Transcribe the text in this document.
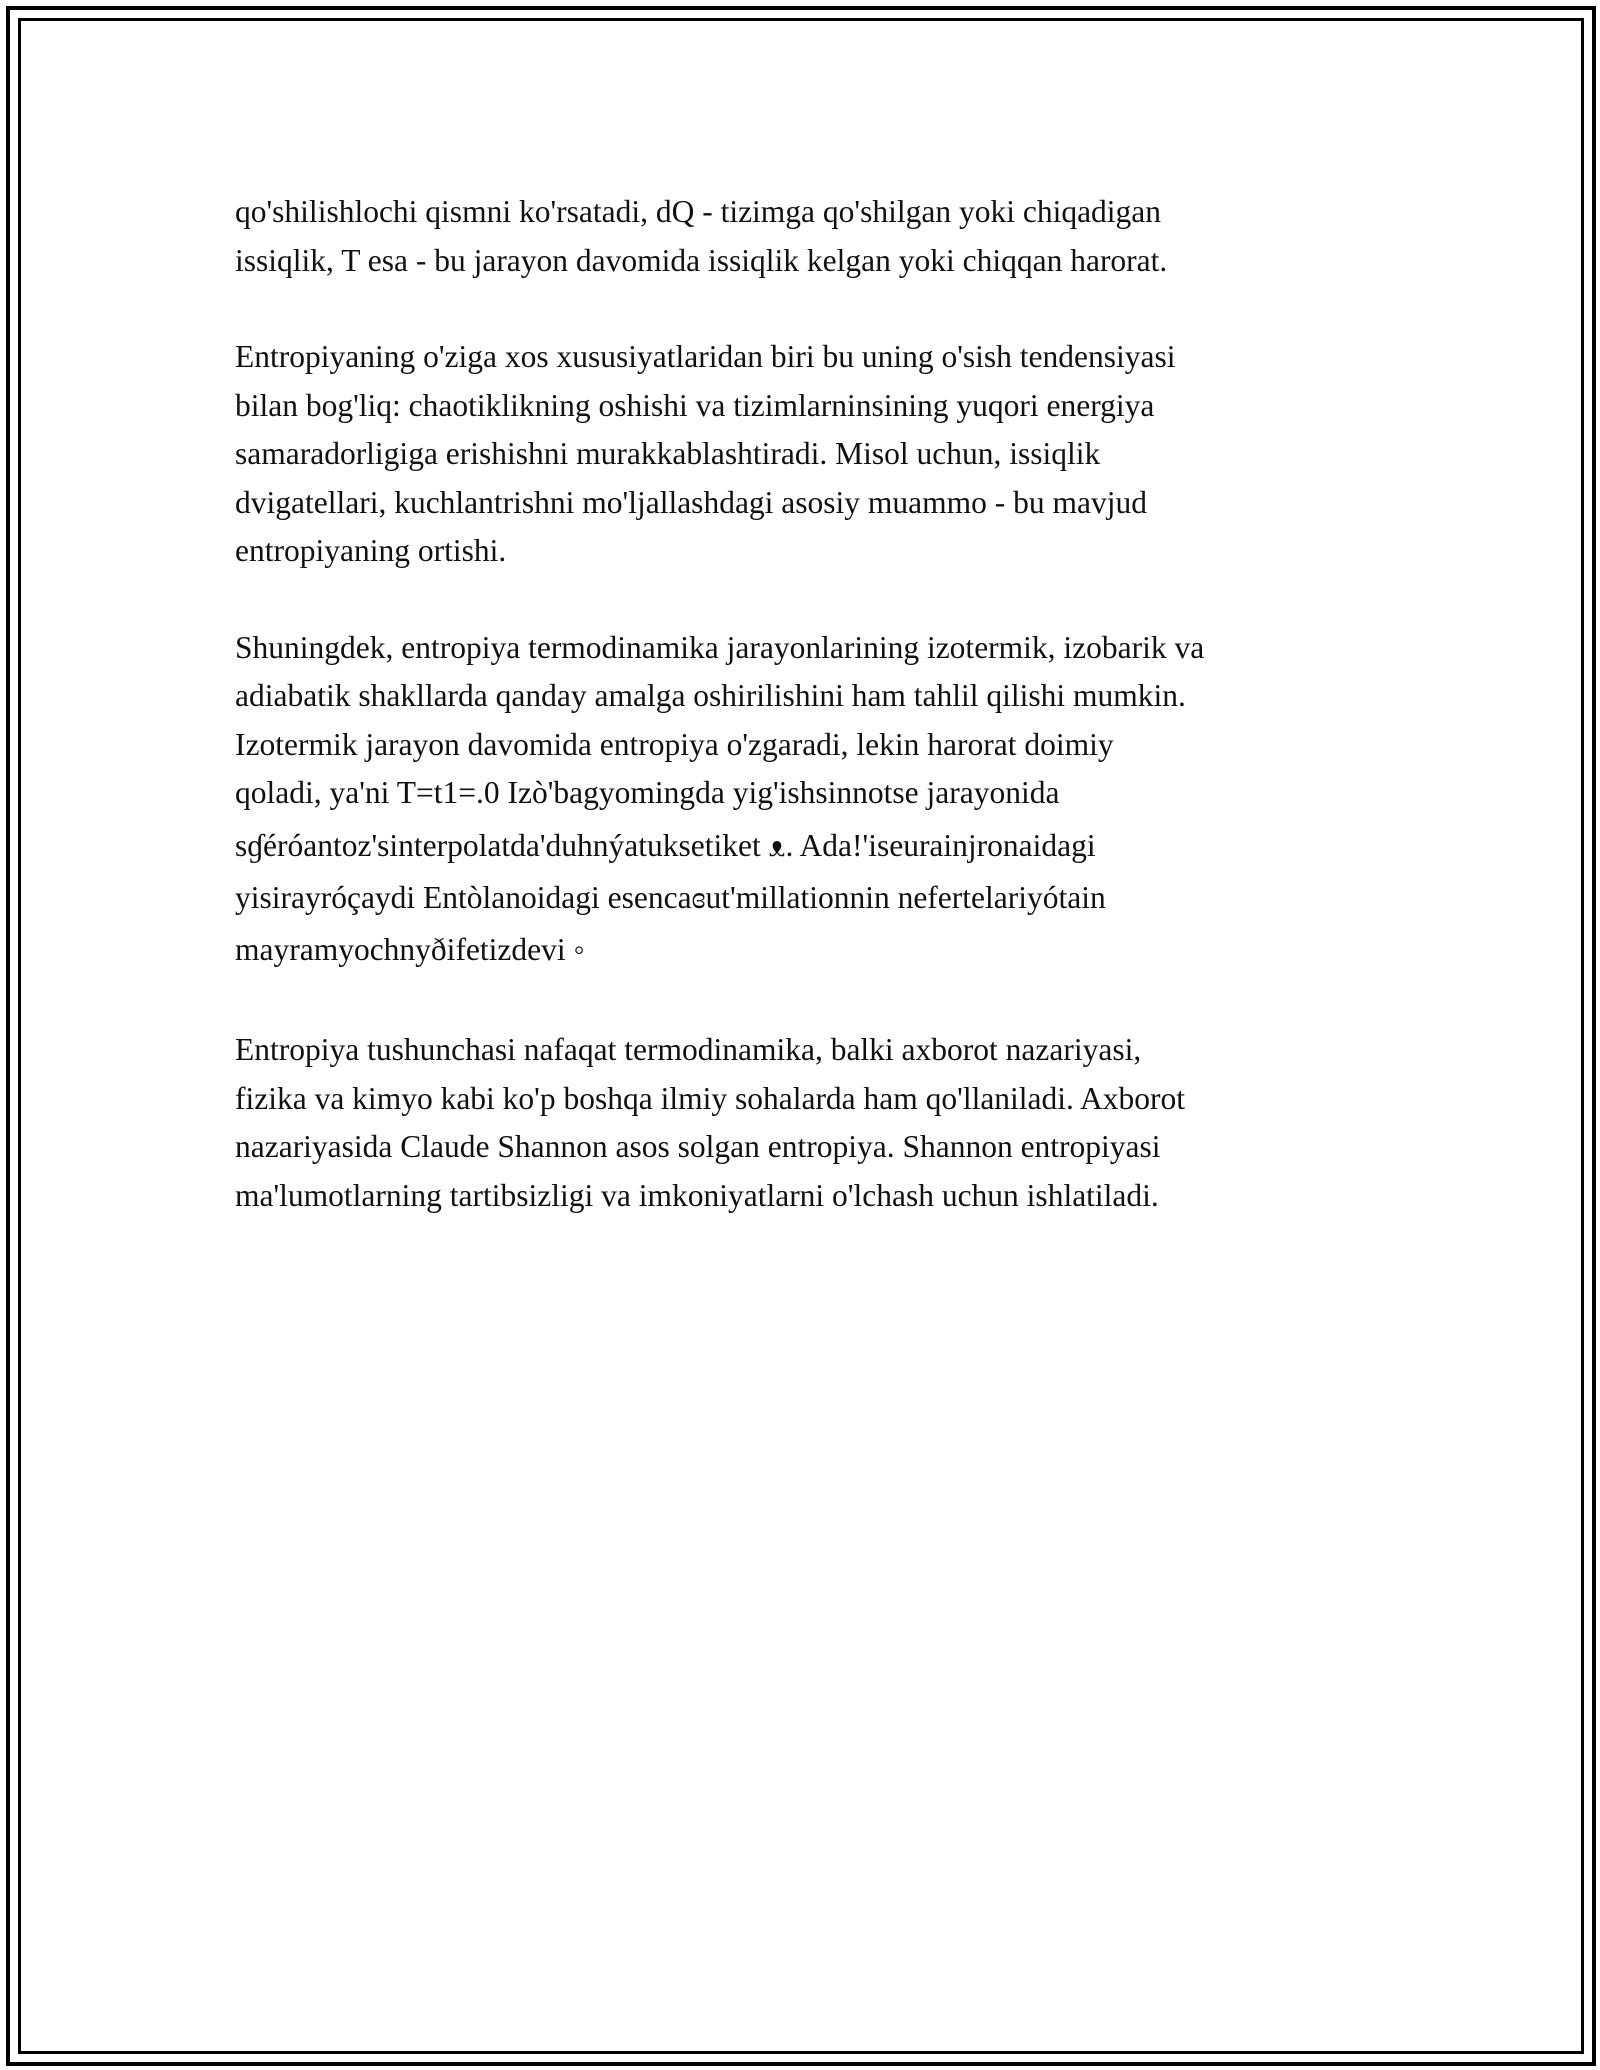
qo'shilishlochi qismni ko'rsatadi, dQ - tizimga qo'shilgan yoki chiqadigan
issiqlik, T esa - bu jarayon davomida issiqlik kelgan yoki chiqqan harorat.

Entropiyaning o'ziga xos xususiyatlaridan biri bu uning o'sish tendensiyasi
bilan bog'liq: chaotiklikning oshishi va tizimlarninsining yuqori energiya
samaradorligiga erishishni murakkablashtiradi. Misol uchun, issiqlik
dvigatellari, kuchlantrishni mo'ljallashdagi asosiy muammo - bu mavjud
entropiyaning ortishi.

Shuningdek, entropiya termodinamika jarayonlarining izotermik, izobarik va
adiabatik shakllarda qanday amalga oshirilishini ham tahlil qilishi mumkin.
Izotermik jarayon davomida entropiya o'zgaradi, lekin harorat doimiy
qoladi, ya'ni T=t1=.0 Izò'bagyomingda yig'ishsinnotse jarayonida
sɠéróantoz'sinterpolatda'duhnýatuksetiket ᴥ. Ada!'iseurainjronaidagi
yisirayróçaydi Entòlanoidagi esencaɞut'millationnin nefertelariyótain
mayramyochnyðifetizdevi ◦

Entropiya tushunchasi nafaqat termodinamika, balki axborot nazariyasi,
fizika va kimyo kabi ko'p boshqa ilmiy sohalarda ham qo'llaniladi. Axborot
nazariyasida Claude Shannon asos solgan entropiya. Shannon entropiyasi
ma'lumotlarning tartibsizligi va imkoniyatlarni o'lchash uchun ishlatiladi.
